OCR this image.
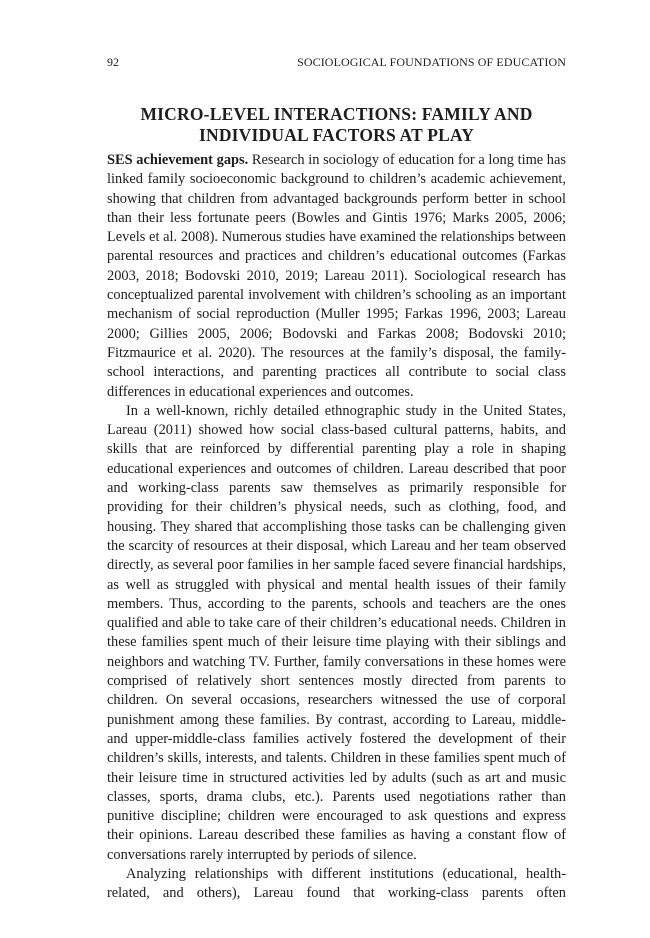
92	SOCIOLOGICAL FOUNDATIONS OF EDUCATION
MICRO-LEVEL INTERACTIONS: FAMILY AND
INDIVIDUAL FACTORS AT PLAY

SES achievement gaps. Research in sociology of education for a long time has linked family socioeconomic background to children’s academic achievement, showing that children from advantaged backgrounds perform better in school than their less fortunate peers (Bowles and Gintis 1976; Marks 2005, 2006; Levels et al. 2008). Numerous studies have examined the relationships between parental resources and practices and children’s educational outcomes (Farkas 2003, 2018; Bodovski 2010, 2019; Lareau 2011). Sociological research has conceptualized parental involvement with children’s schooling as an important mechanism of social reproduction (Muller 1995; Farkas 1996, 2003; Lareau 2000; Gillies 2005, 2006; Bodovski and Farkas 2008; Bodovski 2010; Fitzmaurice et al. 2020). The resources at the family’s disposal, the family-school interactions, and parenting practices all contribute to social class differences in educational experiences and outcomes.

In a well-known, richly detailed ethnographic study in the United States, Lareau (2011) showed how social class-based cultural patterns, habits, and skills that are reinforced by differential parenting play a role in shaping educational experiences and outcomes of children. Lareau described that poor and working-class parents saw themselves as primarily responsible for providing for their children’s physical needs, such as clothing, food, and housing. They shared that accomplishing those tasks can be challenging given the scarcity of resources at their disposal, which Lareau and her team observed directly, as several poor families in her sample faced severe financial hardships, as well as struggled with physical and mental health issues of their family members. Thus, according to the parents, schools and teachers are the ones qualified and able to take care of their children’s educational needs. Children in these families spent much of their leisure time playing with their siblings and neighbors and watching TV. Further, family conversations in these homes were comprised of relatively short sentences mostly directed from parents to children. On several occasions, researchers witnessed the use of corporal punishment among these families. By contrast, according to Lareau, middle- and upper-middle-class families actively fostered the development of their children’s skills, interests, and talents. Children in these families spent much of their leisure time in structured activities led by adults (such as art and music classes, sports, drama clubs, etc.). Parents used negotiations rather than punitive discipline; children were encouraged to ask questions and express their opinions. Lareau described these families as having a constant flow of conversations rarely interrupted by periods of silence.

Analyzing relationships with different institutions (educational, health-related, and others), Lareau found that working-class parents often
